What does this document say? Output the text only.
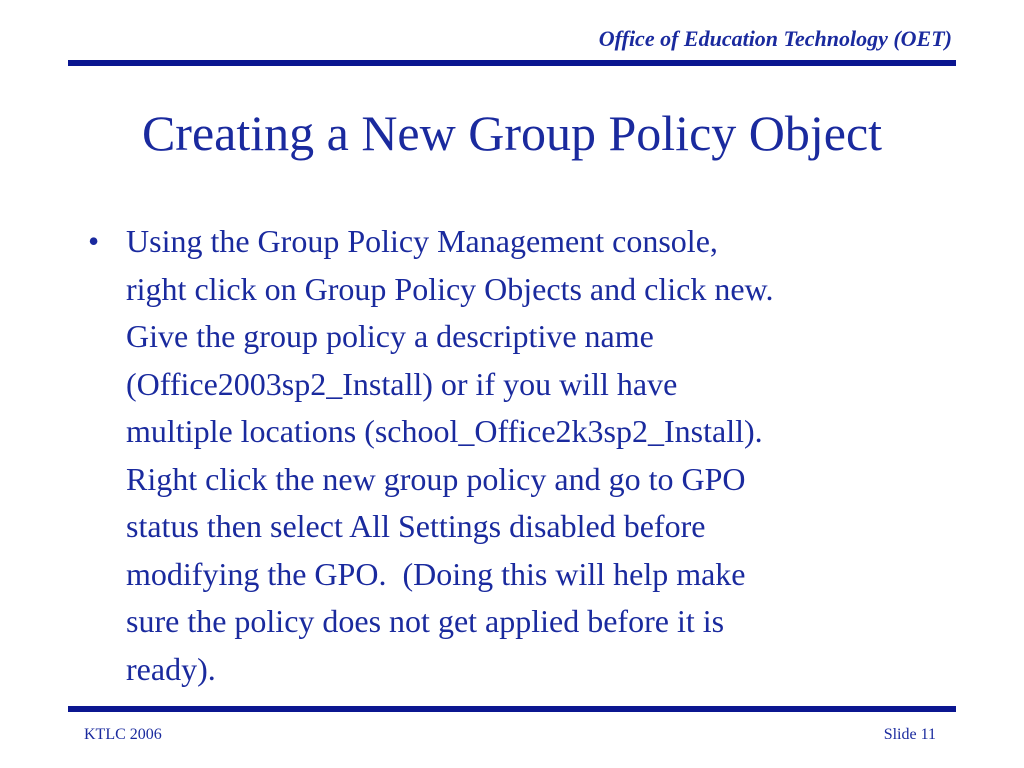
Office of Education Technology (OET)
Creating a New Group Policy Object
• Using the Group Policy Management console,
right click on Group Policy Objects and click new.
Give the group policy a descriptive name
(Office2003sp2_Install) or if you will have
multiple locations (school_Office2k3sp2_Install).
Right click the new group policy and go to GPO
status then select All Settings disabled before
modifying the GPO.  (Doing this will help make
sure the policy does not get applied before it is
ready).
KTLC 2006	Slide 11
